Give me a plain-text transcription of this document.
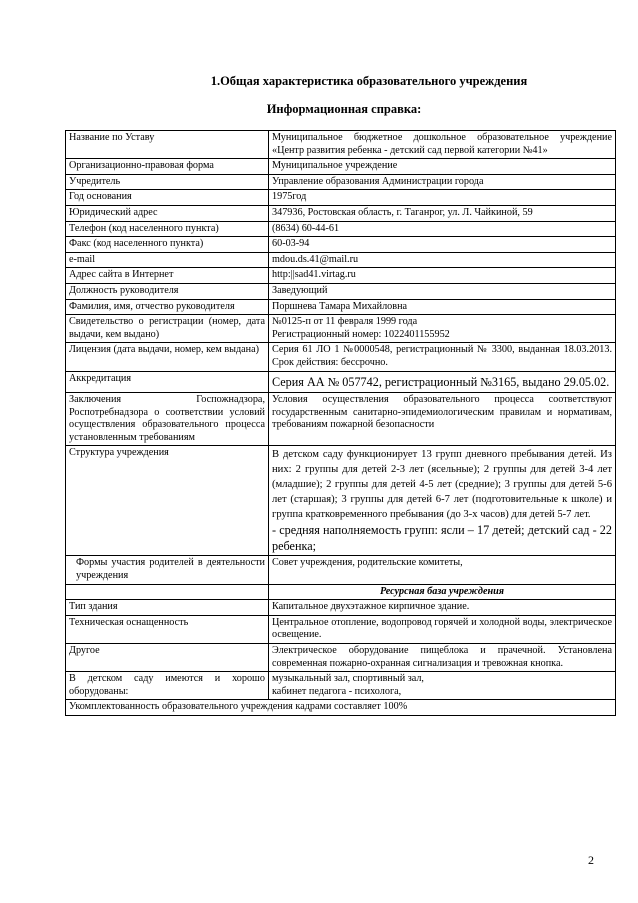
1.Общая характеристика образовательного учреждения
Информационная справка:
Название по Уставу	Муниципальное бюджетное дошкольное образовательное учреждение «Центр развития ребенка - детский сад первой категории №41»
Организационно-правовая форма	Муниципальное учреждение
Учредитель	Управление образования Администрации города
Год основания	1975год
Юридический адрес	347936, Ростовская область, г. Таганрог, ул. Л. Чайкиной, 59
Телефон (код населенного пункта)	(8634) 60-44-61
Факс (код населенного пункта)	60-03-94
e-mail	mdou.ds.41@mail.ru
Адрес сайта в Интернет	http:||sad41.virtag.ru
Должность руководителя	Заведующий
Фамилия, имя, отчество руководителя	Поршнева Тамара Михайловна
Свидетельство о регистрации (номер, дата выдачи, кем выдано)	№0125-п от 11 февраля 1999 года
Регистрационный номер: 1022401155952

Лицензия (дата выдачи, номер, кем выдана)	Серия 61 ЛО 1 №0000548, регистрационный № 3300, выданная 18.03.2013. Срок действия: бессрочно.
Аккредитация	Серия АА № 057742, регистрационный №3165, выдано 29.05.02.
Заключения Госпожнадзора, Роспотребнадзора о соответствии условий осуществления образовательного процесса установленным требованиям	Условия осуществления образовательного процесса соответствуют государственным санитарно-эпидемиологическим правилам и нормативам, требованиям пожарной безопасности
Структура учреждения	В детском саду функционирует 13 групп дневного пребывания детей. Из них: 2 группы для детей 2-3 лет (ясельные); 2 группы для детей 3-4 лет (младшие); 2 группы для детей 4-5 лет (средние); 3 группы для детей 5-6 лет (старшая); 3 группы для детей 6-7 лет (подготовительные к школе) и группа кратковременного пребывания (до 3-х часов) для детей 5-7 лет.
- средняя наполняемость групп: ясли – 17 детей; детский сад - 22 ребенка;

Формы участия родителей в деятельности учреждения	Совет учреждения, родительские комитеты,
	Ресурсная база учреждения
Тип здания	Капитальное двухэтажное кирпичное здание.
Техническая оснащенность	Центральное отопление, водопровод горячей и холодной воды, электрическое освещение.
Другое	Электрическое оборудование пищеблока и прачечной. Установлена современная пожарно-охранная сигнализация и тревожная кнопка.
В детском саду имеются и хорошо оборудованы:	музыкальный зал, спортивный зал,
кабинет педагога - психолога,

Укомплектованность образовательного учреждения кадрами составляет 100%	
2
